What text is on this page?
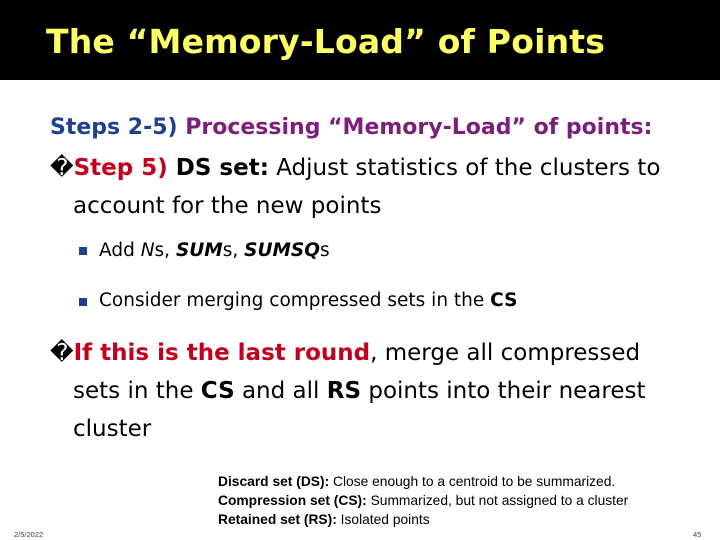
The “Memory-Load” of Points
Steps 2-5) Processing “Memory-Load” of points:
�Step 5) DS set: Adjust statistics of the clusters to
account for the new points
Add Ns, SUMs, SUMSQs
Consider merging compressed sets in the CS
�If this is the last round, merge all compressed
sets in the CS and all RS points into their nearest
cluster
Discard set (DS): Close enough to a centroid to be summarized.
Compression set (CS): Summarized, but not assigned to a cluster
Retained set (RS): Isolated points
2/5/2022	45
